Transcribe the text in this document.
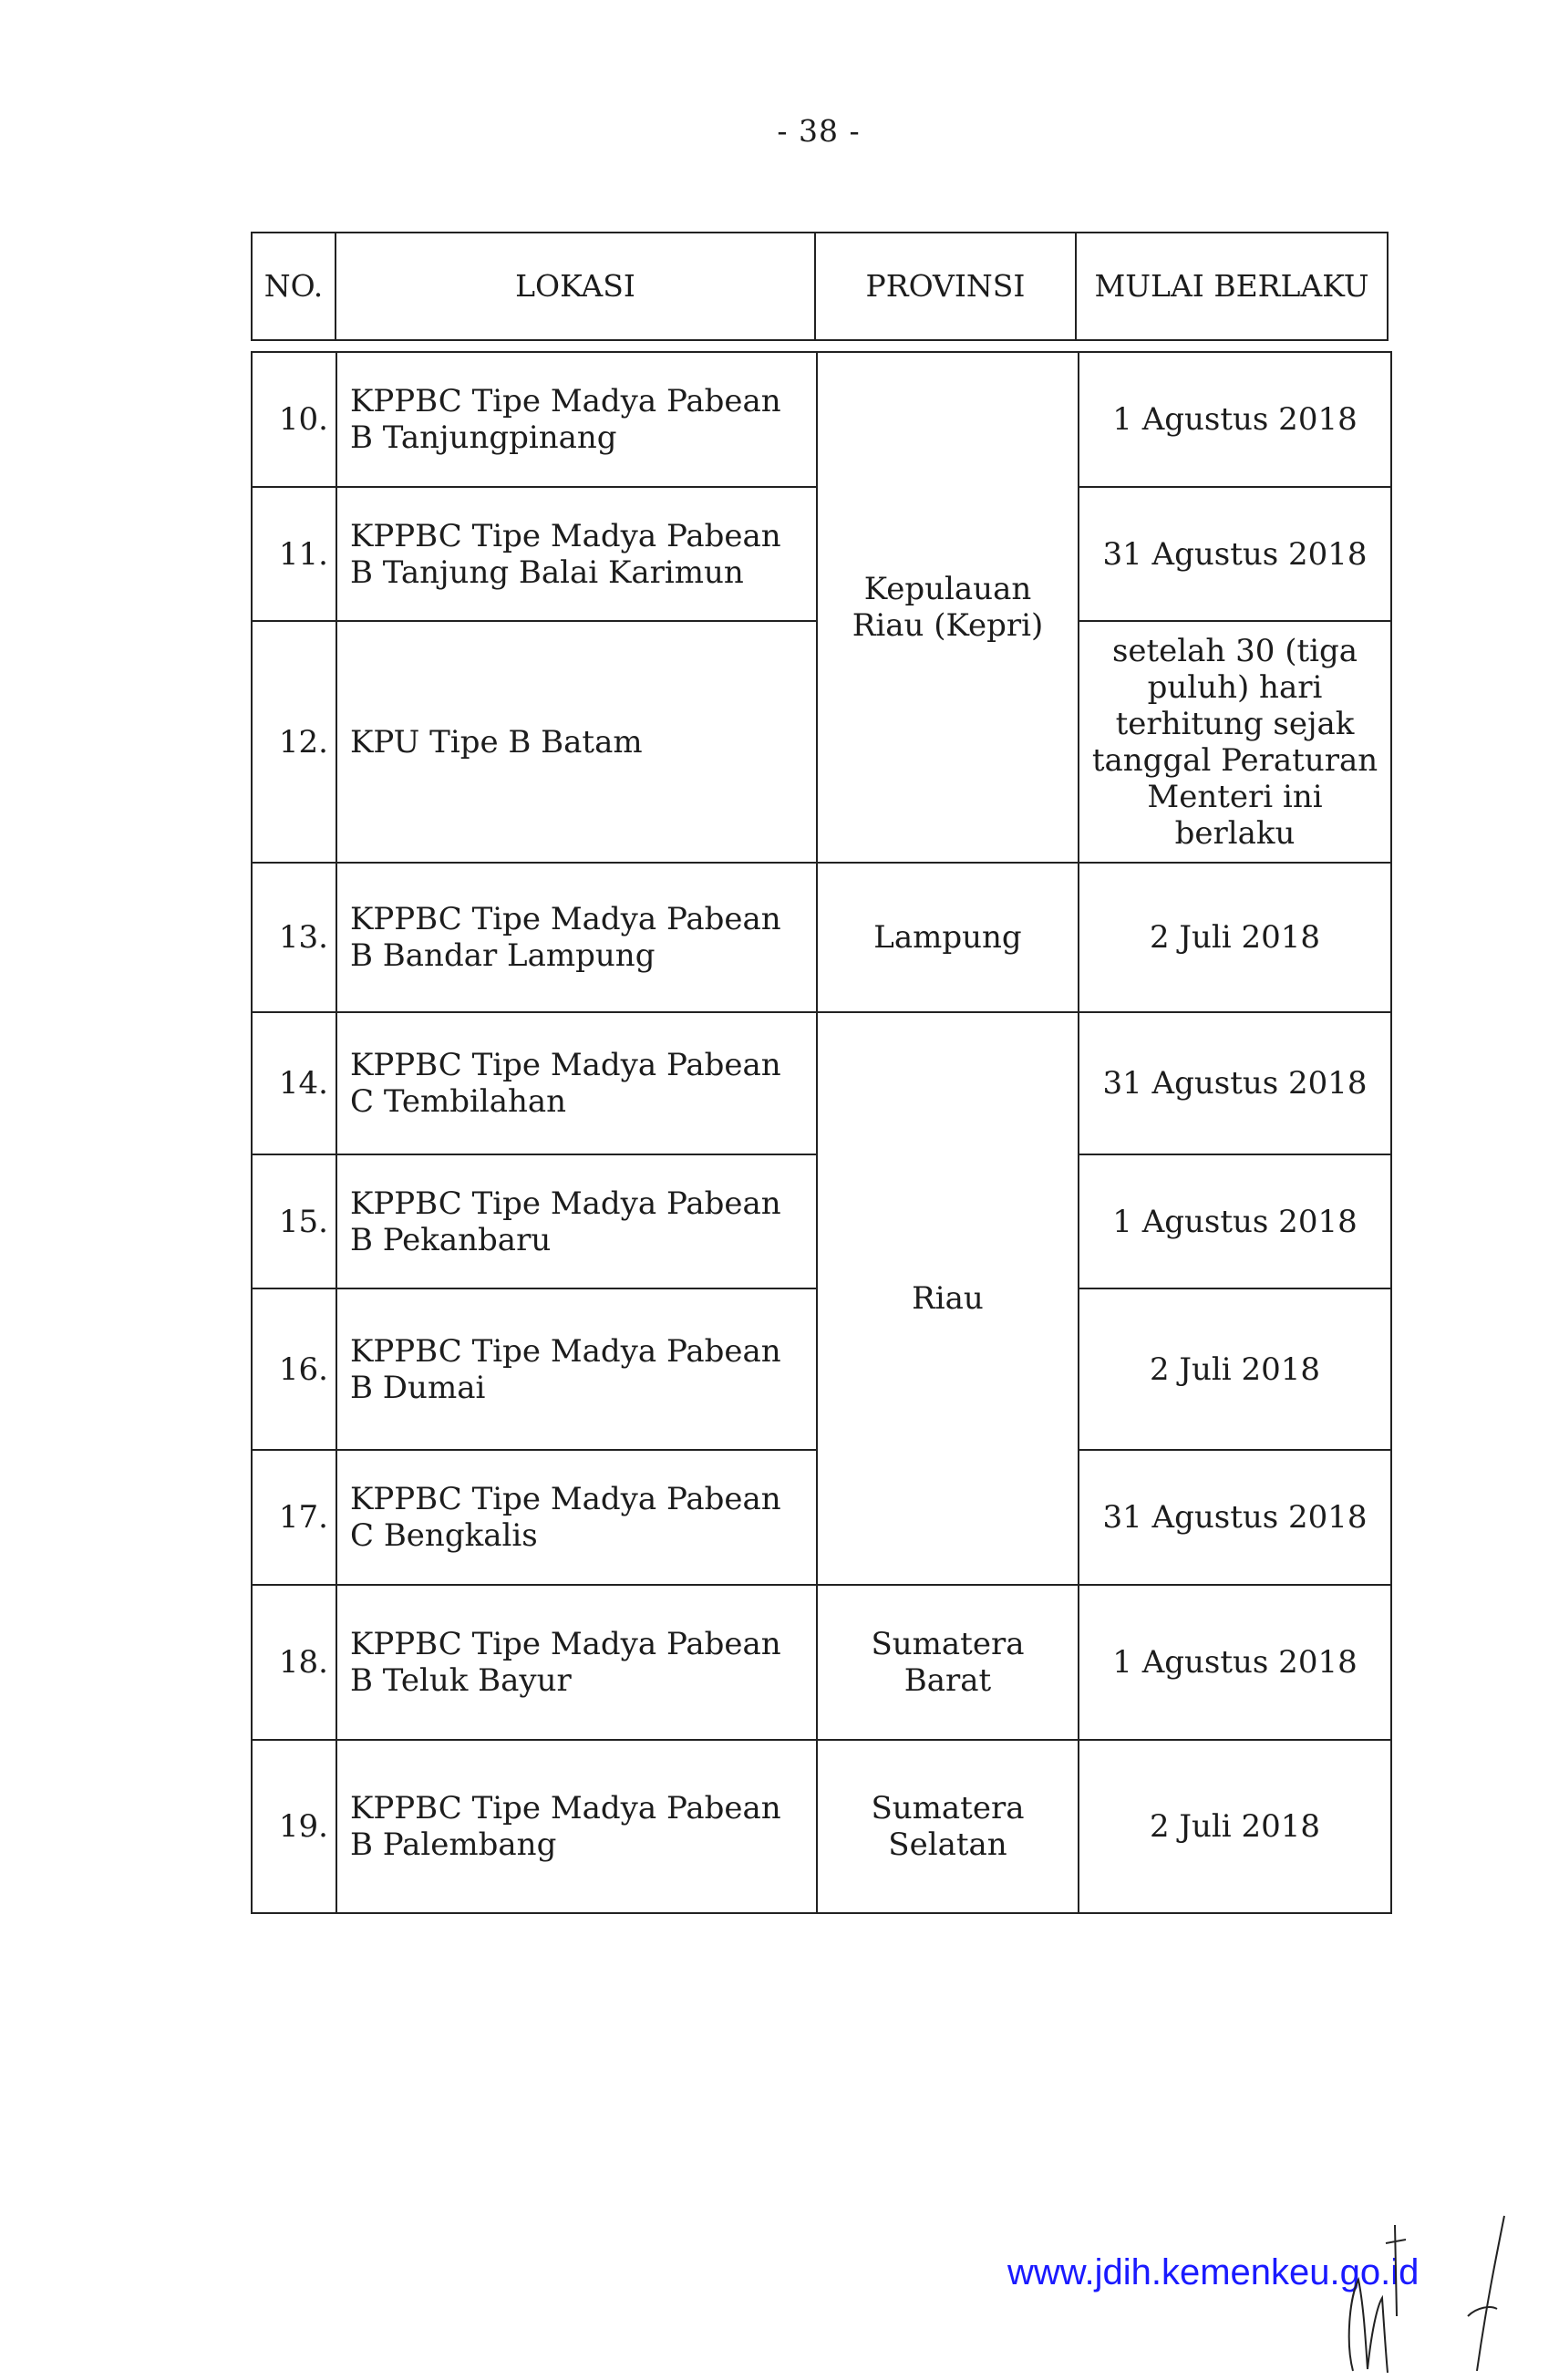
- 38 -
NO.	LOKASI	PROVINSI	MULAI BERLAKU
10.	KPPBC Tipe Madya Pabean B Tanjungpinang	Kepulauan Riau (Kepri)	1 Agustus 2018
11.	KPPBC Tipe Madya Pabean B Tanjung Balai Karimun		31 Agustus 2018
12.	KPU Tipe B Batam		setelah 30 (tiga puluh) hari terhitung sejak tanggal Peraturan Menteri ini berlaku
13.	KPPBC Tipe Madya Pabean B Bandar Lampung	Lampung	2 Juli 2018
14.	KPPBC Tipe Madya Pabean C Tembilahan	Riau	31 Agustus 2018
15.	KPPBC Tipe Madya Pabean B Pekanbaru		1 Agustus 2018
16.	KPPBC Tipe Madya Pabean B Dumai		2 Juli 2018
17.	KPPBC Tipe Madya Pabean C Bengkalis		31 Agustus 2018
18.	KPPBC Tipe Madya Pabean B Teluk Bayur	Sumatera Barat	1 Agustus 2018
19.	KPPBC Tipe Madya Pabean B Palembang	Sumatera Selatan	2 Juli 2018
www.jdih.kemenkeu.go.id
